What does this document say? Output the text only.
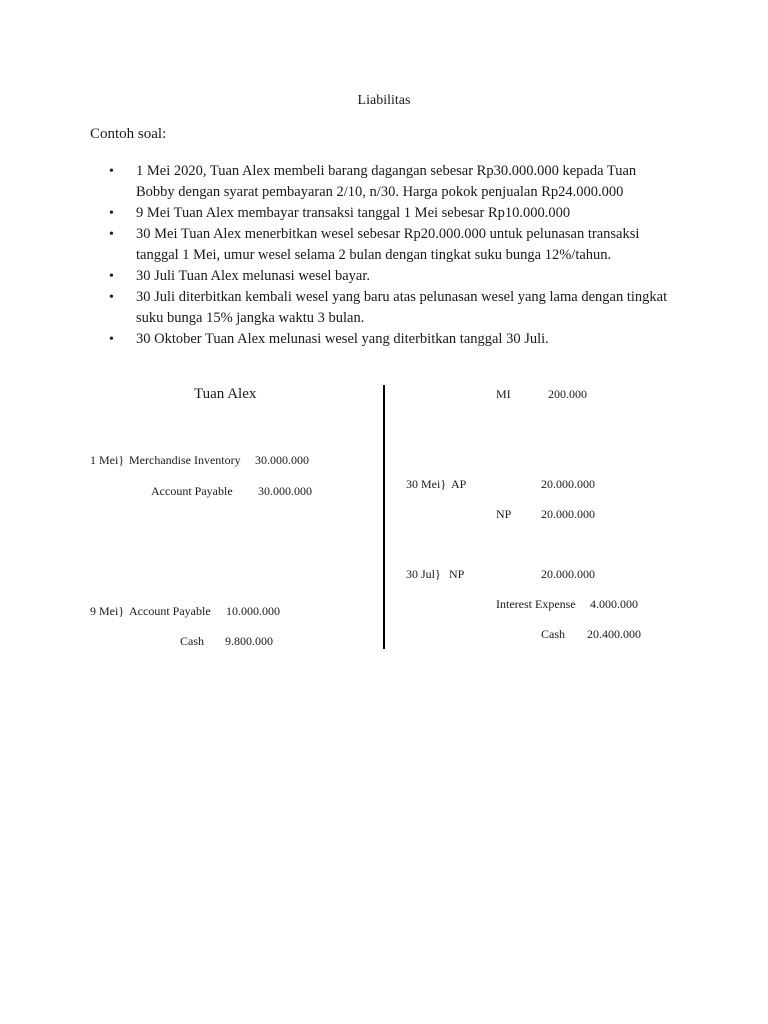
Liabilitas
Contoh soal:
• 1 Mei 2020, Tuan Alex membeli barang dagangan sebesar Rp30.000.000 kepada Tuan Bobby dengan syarat pembayaran 2/10, n/30. Harga pokok penjualan Rp24.000.000
• 9 Mei Tuan Alex membayar transaksi tanggal 1 Mei sebesar Rp10.000.000
• 30 Mei Tuan Alex menerbitkan wesel sebesar Rp20.000.000 untuk pelunasan transaksi tanggal 1 Mei, umur wesel selama 2 bulan dengan tingkat suku bunga 12%/tahun.
• 30 Juli Tuan Alex melunasi wesel bayar.
• 30 Juli diterbitkan kembali wesel yang baru atas pelunasan wesel yang lama dengan tingkat suku bunga 15% jangka waktu 3 bulan.
• 30 Oktober Tuan Alex melunasi wesel yang diterbitkan tanggal 30 Juli.
Tuan Alex
1 Mei} Merchandise Inventory 30.000.000
Account Payable 30.000.000
9 Mei} Account Payable 10.000.000
Cash 9.800.000
MI	200.000
30 Mei} AP	20.000.000
NP 20.000.000
30 Jul} NP	20.000.000
Interest Expense 4.000.000
Cash 20.400.000
